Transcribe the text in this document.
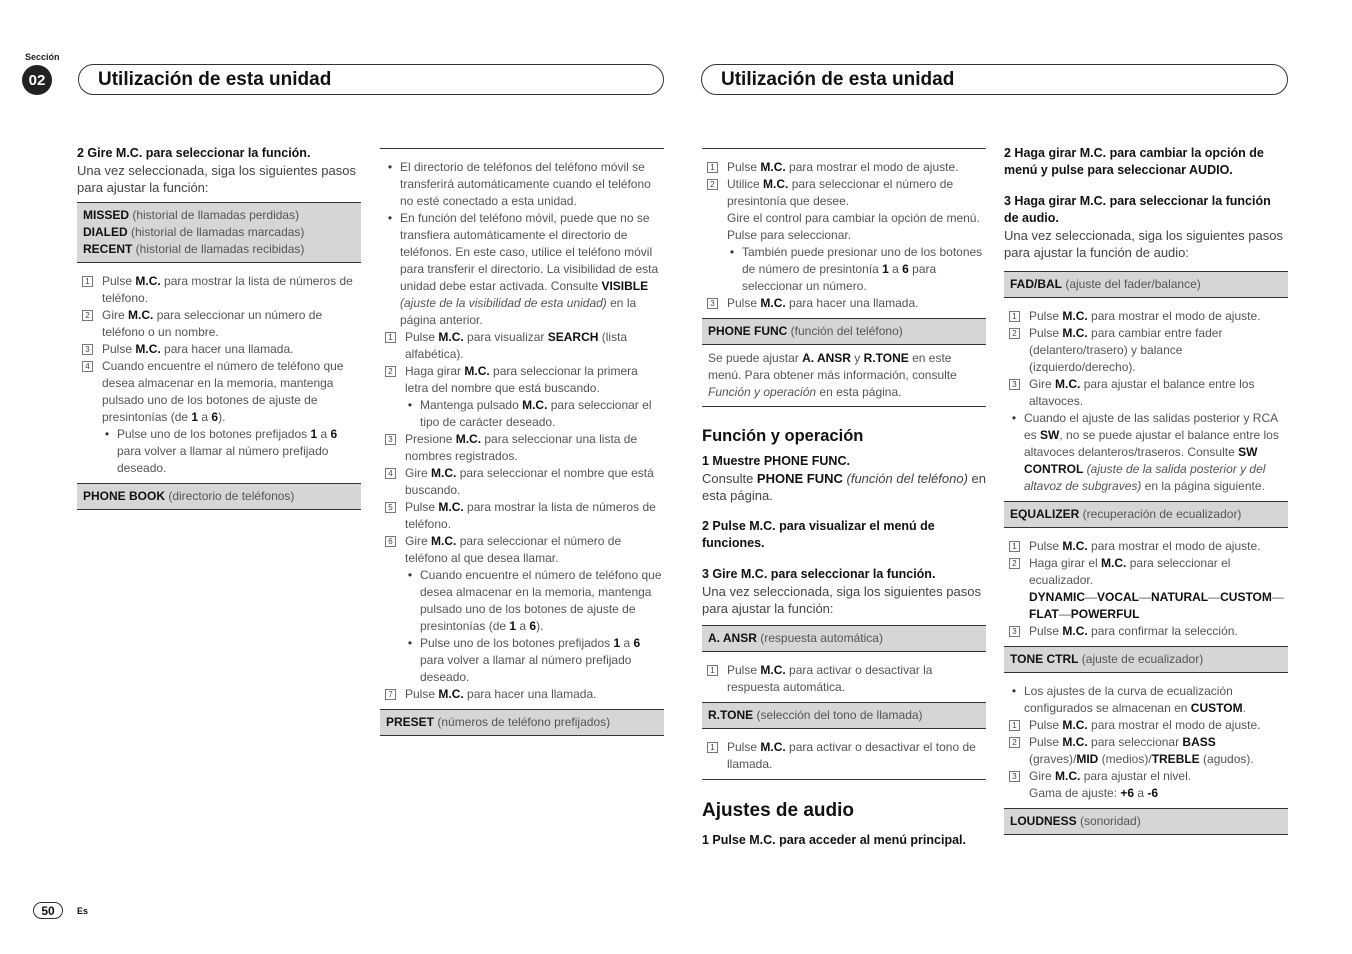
Sección
02	Utilización de esta unidad	Utilización de esta unidad
2 Gire M.C. para seleccionar la función.
Una vez seleccionada, siga los siguientes pasos para ajustar la función:
MISSED (historial de llamadas perdidas)
DIALED (historial de llamadas marcadas)
RECENT (historial de llamadas recibidas)
1 Pulse M.C. para mostrar la lista de números de teléfono.
2 Gire M.C. para seleccionar un número de teléfono o un nombre.
3 Pulse M.C. para hacer una llamada.
4 Cuando encuentre el número de teléfono que desea almacenar en la memoria, mantenga pulsado uno de los botones de ajuste de presintonías (de 1 a 6).
• Pulse uno de los botones prefijados 1 a 6 para volver a llamar al número prefijado deseado.
PHONE BOOK (directorio de teléfonos)
• El directorio de teléfonos del teléfono móvil se transferirá automáticamente cuando el teléfono no esté conectado a esta unidad.
• En función del teléfono móvil, puede que no se transfiera automáticamente el directorio de teléfonos. En este caso, utilice el teléfono móvil para transferir el directorio. La visibilidad de esta unidad debe estar activada. Consulte VISIBLE (ajuste de la visibilidad de esta unidad) en la página anterior.
1 Pulse M.C. para visualizar SEARCH (lista alfabética).
2 Haga girar M.C. para seleccionar la primera letra del nombre que está buscando.
• Mantenga pulsado M.C. para seleccionar el tipo de carácter deseado.
3 Presione M.C. para seleccionar una lista de nombres registrados.
4 Gire M.C. para seleccionar el nombre que está buscando.
5 Pulse M.C. para mostrar la lista de números de teléfono.
6 Gire M.C. para seleccionar el número de teléfono al que desea llamar.
• Cuando encuentre el número de teléfono que desea almacenar en la memoria, mantenga pulsado uno de los botones de ajuste de presintonías (de 1 a 6).
• Pulse uno de los botones prefijados 1 a 6 para volver a llamar al número prefijado deseado.
7 Pulse M.C. para hacer una llamada.
PRESET (números de teléfono prefijados)
1 Pulse M.C. para mostrar el modo de ajuste.
2 Utilice M.C. para seleccionar el número de presintonía que desee.
Gire el control para cambiar la opción de menú. Pulse para seleccionar.
• También puede presionar uno de los botones de número de presintonía 1 a 6 para seleccionar un número.
3 Pulse M.C. para hacer una llamada.
PHONE FUNC (función del teléfono)
Se puede ajustar A. ANSR y R.TONE en este menú. Para obtener más información, consulte Función y operación en esta página.
Función y operación
1 Muestre PHONE FUNC.
Consulte PHONE FUNC (función del teléfono) en esta página.
2 Pulse M.C. para visualizar el menú de funciones.
3 Gire M.C. para seleccionar la función.
Una vez seleccionada, siga los siguientes pasos para ajustar la función:
A. ANSR (respuesta automática)
1 Pulse M.C. para activar o desactivar la respuesta automática.
R.TONE (selección del tono de llamada)
1 Pulse M.C. para activar o desactivar el tono de llamada.
Ajustes de audio
1 Pulse M.C. para acceder al menú principal.
2 Haga girar M.C. para cambiar la opción de menú y pulse para seleccionar AUDIO.
3 Haga girar M.C. para seleccionar la función de audio.
Una vez seleccionada, siga los siguientes pasos para ajustar la función de audio:
FAD/BAL (ajuste del fader/balance)
1 Pulse M.C. para mostrar el modo de ajuste.
2 Pulse M.C. para cambiar entre fader (delantero/trasero) y balance (izquierdo/derecho).
3 Gire M.C. para ajustar el balance entre los altavoces.
• Cuando el ajuste de las salidas posterior y RCA es SW, no se puede ajustar el balance entre los altavoces delanteros/traseros. Consulte SW CONTROL (ajuste de la salida posterior y del altavoz de subgraves) en la página siguiente.
EQUALIZER (recuperación de ecualizador)
1 Pulse M.C. para mostrar el modo de ajuste.
2 Haga girar el M.C. para seleccionar el ecualizador.
DYNAMIC—VOCAL—NATURAL—CUSTOM—FLAT—POWERFUL
3 Pulse M.C. para confirmar la selección.
TONE CTRL (ajuste de ecualizador)
• Los ajustes de la curva de ecualización configurados se almacenan en CUSTOM.
1 Pulse M.C. para mostrar el modo de ajuste.
2 Pulse M.C. para seleccionar BASS (graves)/MID (medios)/TREBLE (agudos).
3 Gire M.C. para ajustar el nivel.
Gama de ajuste: +6 a -6
LOUDNESS (sonoridad)
50	Es
